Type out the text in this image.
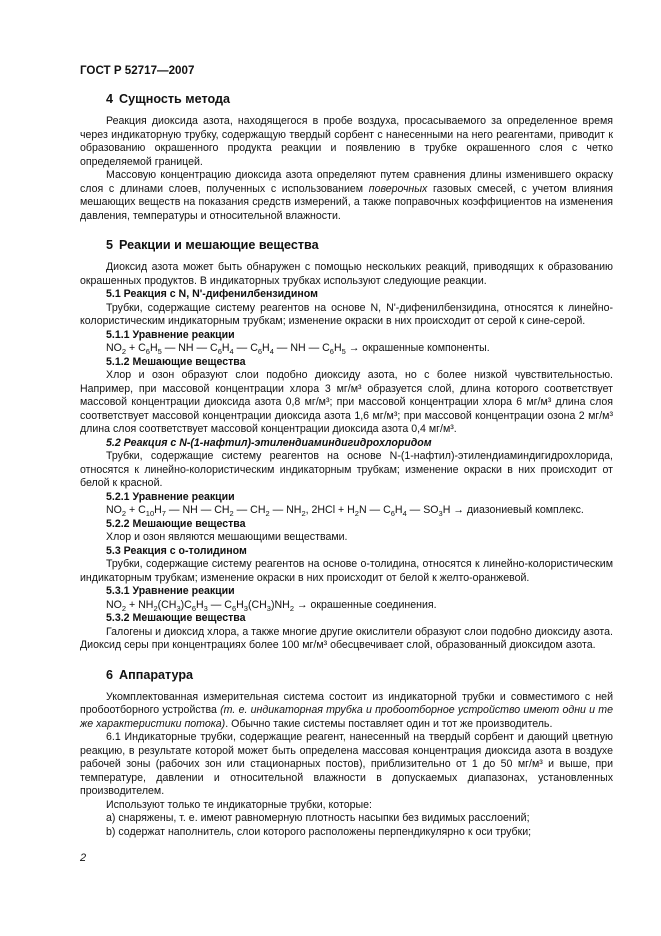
ГОСТ Р 52717—2007
4 Сущность метода

Реакция диоксида азота, находящегося в пробе воздуха, просасываемого за определенное время через индикаторную трубку, содержащую твердый сорбент с нанесенными на него реагентами, приводит к образованию окрашенного продукта реакции и появлению в трубке окрашенного слоя с четко определяемой границей.

Массовую концентрацию диоксида азота определяют путем сравнения длины изменившего окраску слоя с длинами слоев, полученных с использованием поверочных газовых смесей, с учетом влияния мешающих веществ на показания средств измерений, а также поправочных коэффициентов на изменения давления, температуры и относительной влажности.

5 Реакции и мешающие вещества

Диоксид азота может быть обнаружен с помощью нескольких реакций, приводящих к образованию окрашенных продуктов. В индикаторных трубках используют следующие реакции.

5.1 Реакция с N, N'-дифенилбензидином

Трубки, содержащие систему реагентов на основе N, N'-дифенилбензидина, относятся к линейно-колористическим индикаторным трубкам; изменение окраски в них происходит от серой к сине-серой.

5.1.1 Уравнение реакции
$NO_2 + C_6H_5$ — NH — $C_6H_4$ — $C_6H_4$ — NH — $C_6H_5$ → окрашенные компоненты.
5.1.2 Мешающие вещества

Хлор и озон образуют слои подобно диоксиду азота, но с более низкой чувствительностью. Например, при массовой концентрации хлора 3 мг/м³ образуется слой, длина которого соответствует массовой концентрации диоксида азота 0,8 мг/м³; при массовой концентрации хлора 6 мг/м³ длина слоя соответствует массовой концентрации диоксида азота 1,6 мг/м³; при массовой концентрации озона 2 мг/м³ длина слоя соответствует массовой концентрации диоксида азота 0,4 мг/м³.

5.2 Реакция с N-(1-нафтил)-этилендиаминдигидрохлоридом

Трубки, содержащие систему реагентов на основе N-(1-нафтил)-этилендиаминдигидрохлорида, относятся к линейно-колористическим индикаторным трубкам; изменение окраски в них происходит от белой к красной.

5.2.1 Уравнение реакции
$NO_2 + C_{10}H_7$ — NH — $CH_2$ — $CH_2$ — $NH_2$, $2HCl + H_2N$ — $C_6H_4$ — $SO_3H$ → диазониевый комплекс.
5.2.2 Мешающие вещества

Хлор и озон являются мешающими веществами.

5.3 Реакция с о-толидином

Трубки, содержащие систему реагентов на основе о-толидина, относятся к линейно-колористическим индикаторным трубкам; изменение окраски в них происходит от белой к желто-оранжевой.

5.3.1 Уравнение реакции
$NO_2 + NH_2(CH_3)C_6H_3$ — $C_6H_3(CH_3)NH_2$ → окрашенные соединения.
5.3.2 Мешающие вещества

Галогены и диоксид хлора, а также многие другие окислители образуют слои подобно диоксиду азота. Диоксид серы при концентрациях более 100 мг/м³ обесцвечивает слой, образованный диоксидом азота.

6 Аппаратура

Укомплектованная измерительная система состоит из индикаторной трубки и совместимого с ней пробоотборного устройства (т. е. индикаторная трубка и пробоотборное устройство имеют одни и те же характеристики потока). Обычно такие системы поставляет один и тот же производитель.

6.1 Индикаторные трубки, содержащие реагент, нанесенный на твердый сорбент и дающий цветную реакцию, в результате которой может быть определена массовая концентрация диоксида азота в воздухе рабочей зоны (рабочих зон или стационарных постов), приблизительно от 1 до 50 мг/м³ и выше, при температуре, давлении и относительной влажности в допускаемых диапазонах, установленных производителем.

Используют только те индикаторные трубки, которые:

a) снаряжены, т. е. имеют равномерную плотность насыпки без видимых расслоений;
b) содержат наполнитель, слои которого расположены перпендикулярно к оси трубки;
2
